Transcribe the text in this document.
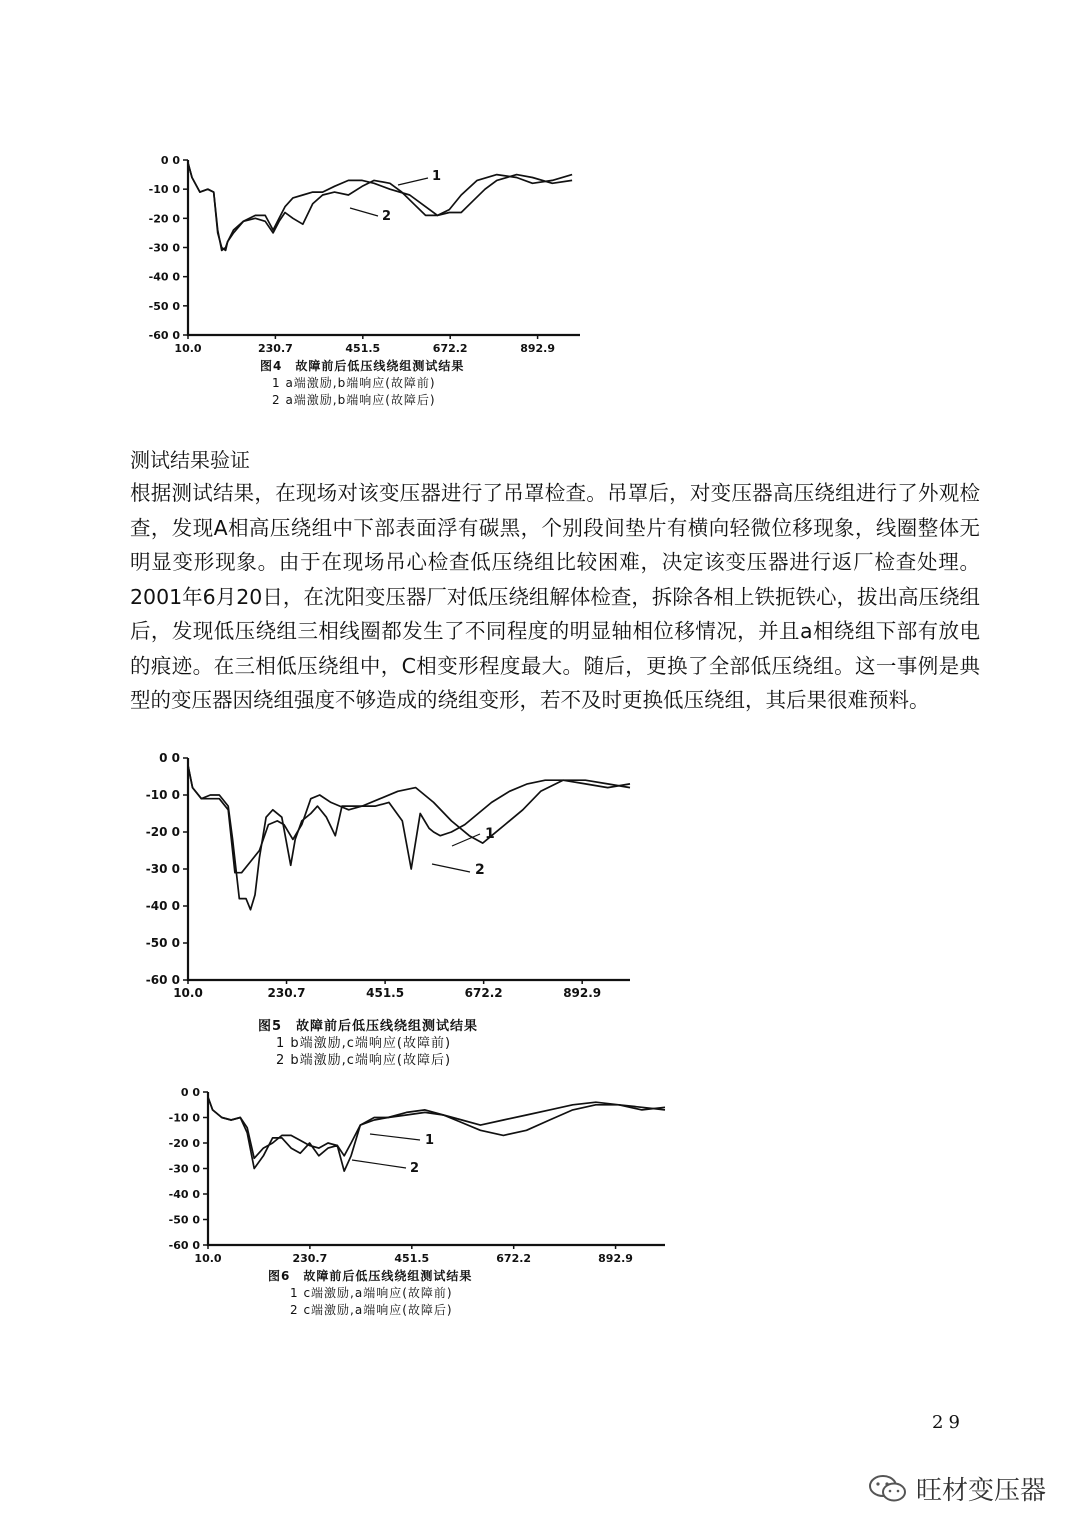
0 0
-10 0
-20 0
-30 0
-40 0
-50 0
-60 0
10.0	230.7	451.5	672.2	892.9
1
2
图4　故障前后低压线绕组测试结果
1 a端激励,b端响应(故障前)
2 a端激励,b端响应(故障后)
测试结果验证
根据测试结果，在现场对该变压器进行了吊罩检查。吊罩后，对变压器高压绕组进行了外观检查，发现A相高压绕组中下部表面浮有碳黑，个别段间垫片有横向轻微位移现象，线圈整体无明显变形现象。由于在现场吊心检查低压绕组比较困难，决定该变压器进行返厂检查处理。2001年6月20日，在沈阳变压器厂对低压绕组解体检查，拆除各相上铁扼铁心，拔出高压绕组后，发现低压绕组三相线圈都发生了不同程度的明显轴相位移情况，并且a相绕组下部有放电的痕迹。在三相低压绕组中，C相变形程度最大。随后，更换了全部低压绕组。这一事例是典型的变压器因绕组强度不够造成的绕组变形，若不及时更换低压绕组，其后果很难预料。
0 0
-10 0
-20 0
-30 0
-40 0
-50 0
-60 0
10.0	230.7	451.5	672.2	892.9
1
2
图5　故障前后低压线绕组测试结果
1 b端激励,c端响应(故障前)
2 b端激励,c端响应(故障后)
0 0
-10 0
-20 0
-30 0
-40 0
-50 0
-60 0
10.0	230.7	451.5	672.2	892.9
1
2
图6　故障前后低压线绕组测试结果
1 c端激励,a端响应(故障前)
2 c端激励,a端响应(故障后)
29
旺材变压器
